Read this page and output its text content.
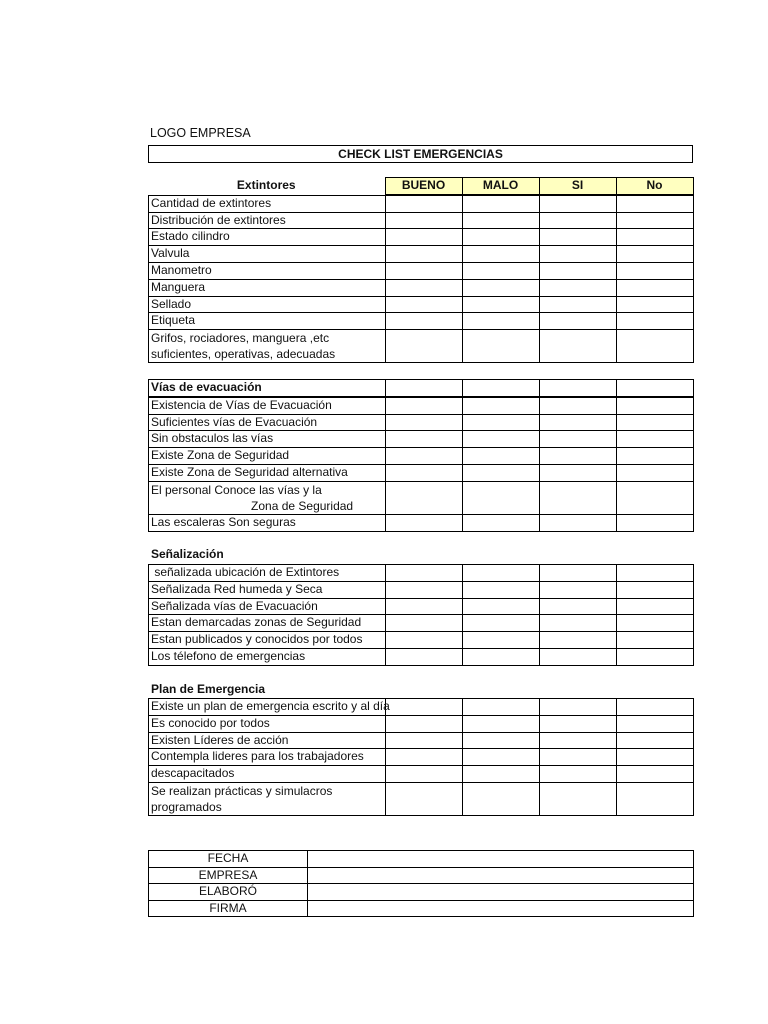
LOGO EMPRESA
CHECK LIST EMERGENCIAS
Extintores	BUENO	MALO	SI	No
Cantidad de extintores				
Distribución de extintores				
Estado cilindro				
Valvula				
Manometro				
Manguera				
Sellado				
Etiqueta				
Grifos, rociadores, manguera ,etc
suficientes, operativas, adecuadas				
Vías de evacuación				
Existencia de Vías de Evacuación				
Suficientes vías de Evacuación				
Sin obstaculos las vías				
Existe Zona de Seguridad				
Existe Zona de Seguridad alternativa				
El personal Conoce las vías y la
Zona de Seguridad				
Las escaleras Son seguras				
Señalización
señalizada ubicación de Extintores				
Señalizada Red humeda y Seca				
Señalizada vías de Evacuación				
Estan demarcadas zonas de Seguridad				
Estan publicados y conocidos por todos				
Los télefono de emergencias				
Plan de Emergencia
Existe un plan de emergencia escrito y al día				
Es conocido por todos				
Existen Líderes de acción				
Contempla lideres para los trabajadores				
descapacitados				
Se realizan prácticas y simulacros
programados				
FECHA	
EMPRESA	
ELABORÓ	
FIRMA	
